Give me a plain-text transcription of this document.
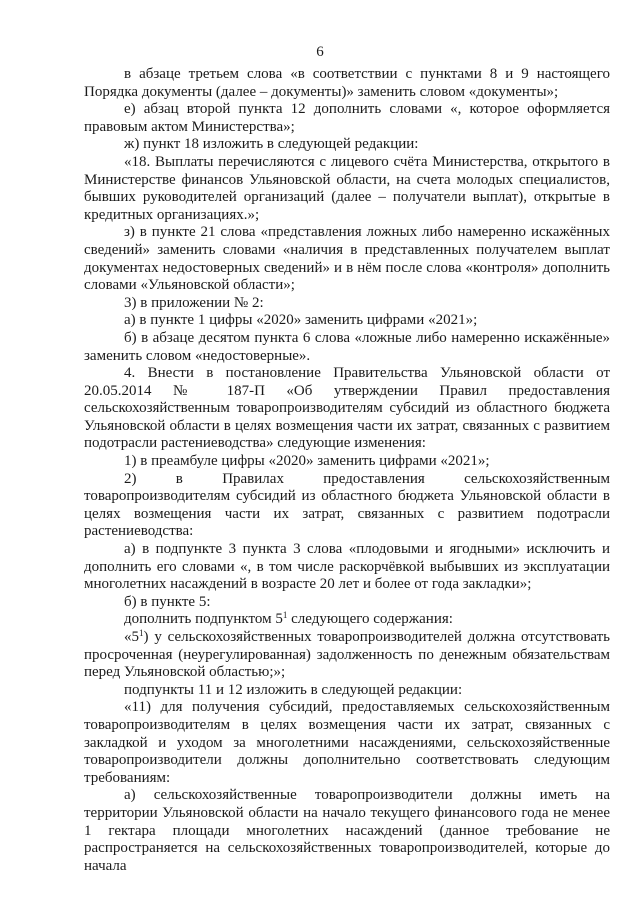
6

в абзаце третьем слова «в соответствии с пунктами 8 и 9 настоящего Порядка документы (далее – документы)» заменить словом «документы»;

е) абзац второй пункта 12 дополнить словами «, которое оформляется правовым актом Министерства»;

ж) пункт 18 изложить в следующей редакции:

«18. Выплаты перечисляются с лицевого счёта Министерства, открытого в Министерстве финансов Ульяновской области, на счета молодых специалистов, бывших руководителей организаций (далее – получатели выплат), открытые в кредитных организациях.»;

з) в пункте 21 слова «представления ложных либо намеренно искажённых сведений» заменить словами «наличия в представленных получателем выплат документах недостоверных сведений» и в нём после слова «контроля» дополнить словами «Ульяновской области»;

3) в приложении № 2:

а) в пункте 1 цифры «2020» заменить цифрами «2021»;

б) в абзаце десятом пункта 6 слова «ложные либо намеренно искажённые» заменить словом «недостоверные».

4. Внести в постановление Правительства Ульяновской области от 20.05.2014 № 187-П «Об утверждении Правил предоставления сельскохозяйственным товаропроизводителям субсидий из областного бюджета Ульяновской области в целях возмещения части их затрат, связанных с развитием подотрасли растениеводства» следующие изменения:

1) в преамбуле цифры «2020» заменить цифрами «2021»;

2) в Правилах предоставления сельскохозяйственным товаропроизводителям субсидий из областного бюджета Ульяновской области в целях возмещения части их затрат, связанных с развитием подотрасли растениеводства:

а) в подпункте 3 пункта 3 слова «плодовыми и ягодными» исключить и дополнить его словами «, в том числе раскорчёвкой выбывших из эксплуатации многолетних насаждений в возрасте 20 лет и более от года закладки»;

б) в пункте 5:

дополнить подпунктом $5^1$ следующего содержания:

«$5^1$) у сельскохозяйственных товаропроизводителей должна отсутствовать просроченная (неурегулированная) задолженность по денежным обязательствам перед Ульяновской областью;»;

подпункты 11 и 12 изложить в следующей редакции:

«11) для получения субсидий, предоставляемых сельскохозяйственным товаропроизводителям в целях возмещения части их затрат, связанных с закладкой и уходом за многолетними насаждениями, сельскохозяйственные товаропроизводители должны дополнительно соответствовать следующим требованиям:

а) сельскохозяйственные товаропроизводители должны иметь на территории Ульяновской области на начало текущего финансового года не менее 1 гектара площади многолетних насаждений (данное требование не распространяется на сельскохозяйственных товаропроизводителей, которые до начала
